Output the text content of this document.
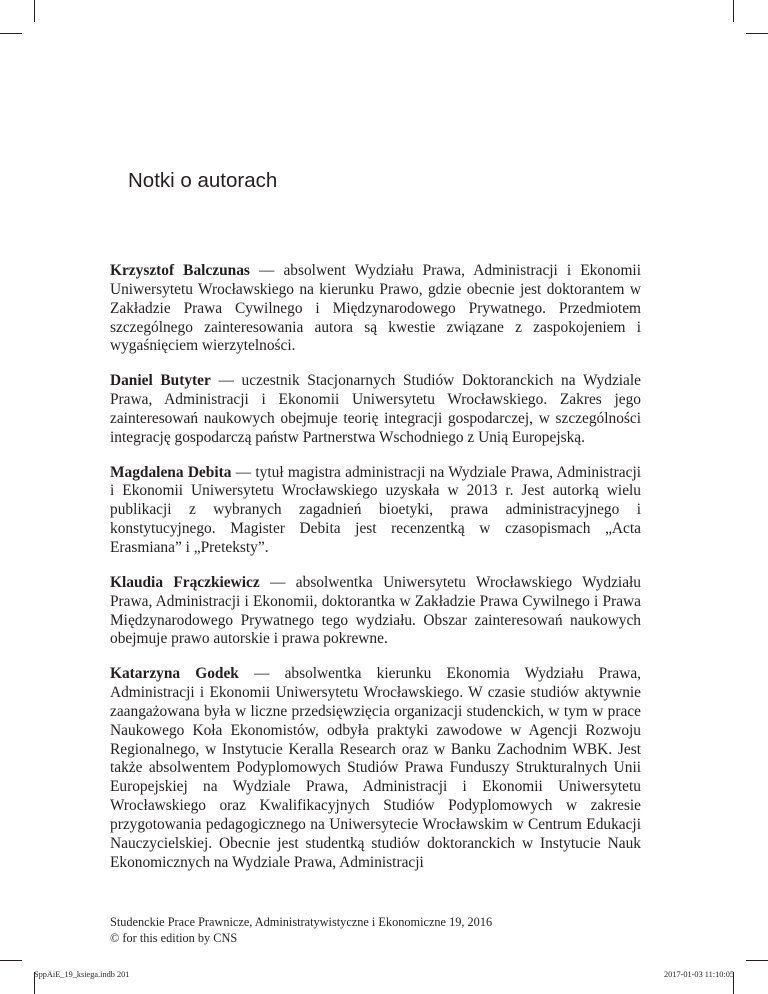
Notki o autorach

Krzysztof Balczunas — absolwent Wydziału Prawa, Administracji i Ekonomii Uniwersytetu Wrocławskiego na kierunku Prawo, gdzie obecnie jest doktorantem w Zakładzie Prawa Cywilnego i Międzynarodowego Prywatnego. Przedmiotem szczególnego zainteresowania autora są kwestie związane z zaspokojeniem i wygaśnięciem wierzytelności.

Daniel Butyter — uczestnik Stacjonarnych Studiów Doktoranckich na Wydziale Prawa, Administracji i Ekonomii Uniwersytetu Wrocławskiego. Zakres jego zainteresowań naukowych obejmuje teorię integracji gospodarczej, w szczególności integrację gospodarczą państw Partnerstwa Wschodniego z Unią Europejską.

Magdalena Debita — tytuł magistra administracji na Wydziale Prawa, Administracji i Ekonomii Uniwersytetu Wrocławskiego uzyskała w 2013 r. Jest autorką wielu publikacji z wybranych zagadnień bioetyki, prawa administracyjnego i konstytucyjnego. Magister Debita jest recenzentką w czasopismach „Acta Erasmiana” i „Preteksty”.

Klaudia Frączkiewicz — absolwentka Uniwersytetu Wrocławskiego Wydziału Prawa, Administracji i Ekonomii, doktorantka w Zakładzie Prawa Cywilnego i Prawa Międzynarodowego Prywatnego tego wydziału. Obszar zainteresowań naukowych obejmuje prawo autorskie i prawa pokrewne.

Katarzyna Godek — absolwentka kierunku Ekonomia Wydziału Prawa, Administracji i Ekonomii Uniwersytetu Wrocławskiego. W czasie studiów aktywnie zaangażowana była w liczne przedsięwzięcia organizacji studenckich, w tym w prace Naukowego Koła Ekonomistów, odbyła praktyki zawodowe w Agencji Rozwoju Regionalnego, w Instytucie Keralla Research oraz w Banku Zachodnim WBK. Jest także absolwentem Podyplomowych Studiów Prawa Funduszy Strukturalnych Unii Europejskiej na Wydziale Prawa, Administracji i Ekonomii Uniwersytetu Wrocławskiego oraz Kwalifikacyjnych Studiów Podyplomowych w zakresie przygotowania pedagogicznego na Uniwersytecie Wrocławskim w Centrum Edukacji Nauczycielskiej. Obecnie jest studentką studiów doktoranckich w Instytucie Nauk Ekonomicznych na Wydziale Prawa, Administracji

Studenckie Prace Prawnicze, Administratywistyczne i Ekonomiczne 19, 2016
© for this edition by CNS
SppAiE_19_ksiega.indb 201	2017-01-03 11:10:05
